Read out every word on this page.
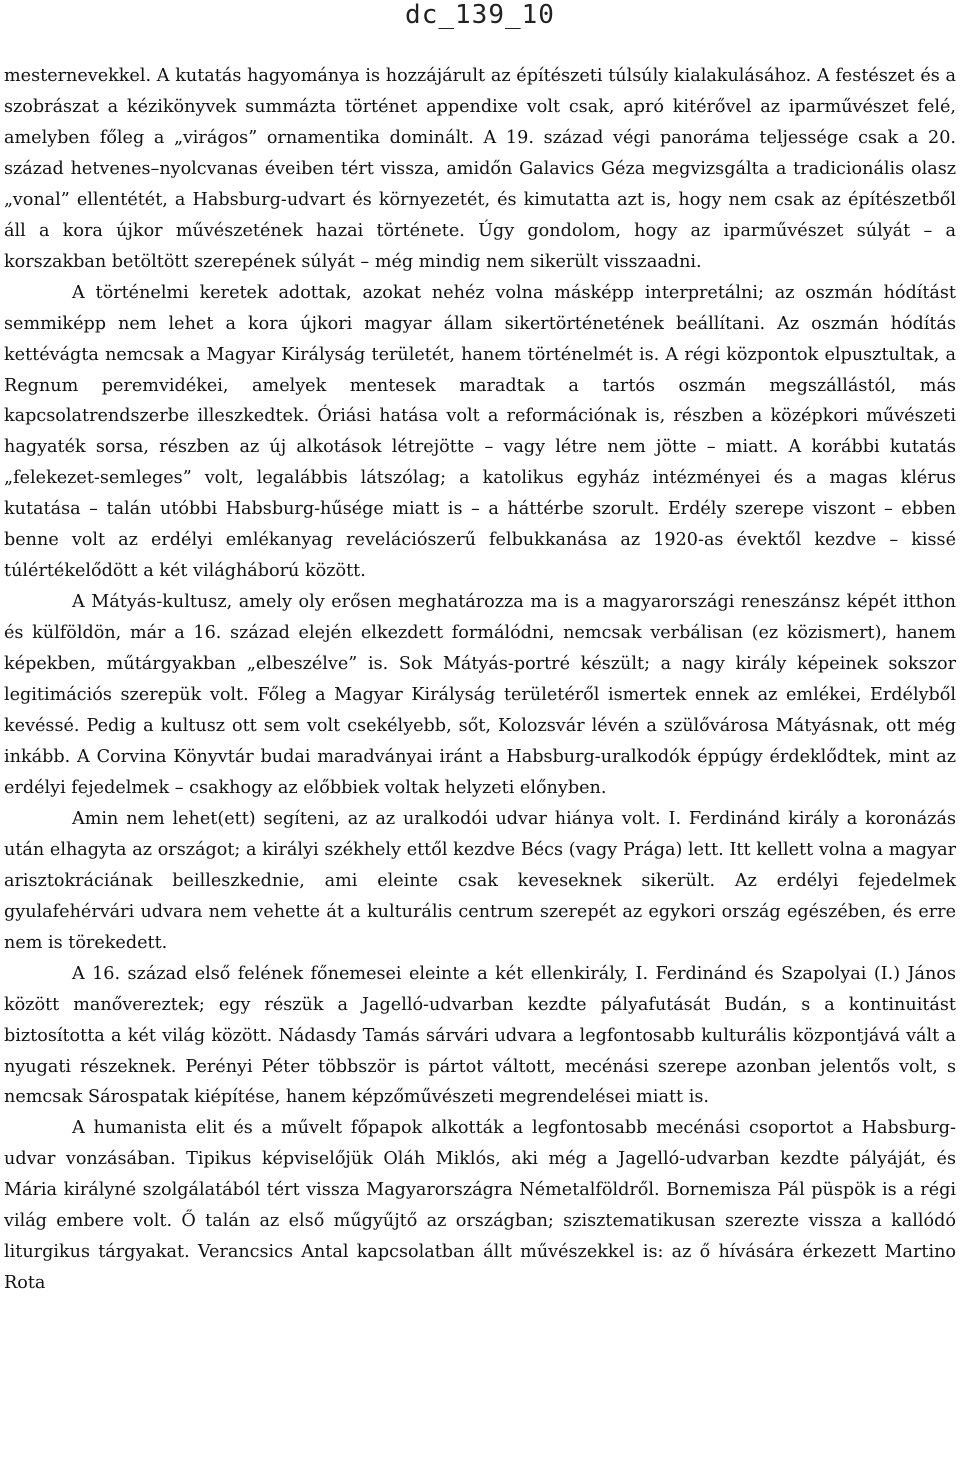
dc_139_10

mesternevekkel. A kutatás hagyománya is hozzájárult az építészeti túlsúly kialakulásához. A festészet és a szobrászat a kézikönyvek summázta történet appendixe volt csak, apró kitérővel az iparművészet felé, amelyben főleg a „virágos” ornamentika dominált. A 19. század végi panoráma teljessége csak a 20. század hetvenes–nyolcvanas éveiben tért vissza, amidőn Galavics Géza megvizsgálta a tradicionális olasz „vonal” ellentétét, a Habsburg-udvart és környezetét, és kimutatta azt is, hogy nem csak az építészetből áll a kora újkor művészetének hazai története. Úgy gondolom, hogy az iparművészet súlyát – a korszakban betöltött szerepének súlyát – még mindig nem sikerült visszaadni.

A történelmi keretek adottak, azokat nehéz volna másképp interpretálni; az oszmán hódítást semmiképp nem lehet a kora újkori magyar állam sikertörténetének beállítani. Az oszmán hódítás kettévágta nemcsak a Magyar Királyság területét, hanem történelmét is. A régi központok elpusztultak, a Regnum peremvidékei, amelyek mentesek maradtak a tartós oszmán megszállástól, más kapcsolatrendszerbe illeszkedtek. Óriási hatása volt a reformációnak is, részben a középkori művészeti hagyaték sorsa, részben az új alkotások létrejötte – vagy létre nem jötte – miatt. A korábbi kutatás „felekezet-semleges” volt, legalábbis látszólag; a katolikus egyház intézményei és a magas klérus kutatása – talán utóbbi Habsburg-hűsége miatt is – a háttérbe szorult. Erdély szerepe viszont – ebben benne volt az erdélyi emlékanyag revelációszerű felbukkanása az 1920-as évektől kezdve – kissé túlértékelődött a két világháború között.

A Mátyás-kultusz, amely oly erősen meghatározza ma is a magyarországi reneszánsz képét itthon és külföldön, már a 16. század elején elkezdett formálódni, nemcsak verbálisan (ez közismert), hanem képekben, műtárgyakban „elbeszélve” is. Sok Mátyás-portré készült; a nagy király képeinek sokszor legitimációs szerepük volt. Főleg a Magyar Királyság területéről ismertek ennek az emlékei, Erdélyből kevéssé. Pedig a kultusz ott sem volt csekélyebb, sőt, Kolozsvár lévén a szülővárosa Mátyásnak, ott még inkább. A Corvina Könyvtár budai maradványai iránt a Habsburg-uralkodók éppúgy érdeklődtek, mint az erdélyi fejedelmek – csakhogy az előbbiek voltak helyzeti előnyben.

Amin nem lehet(ett) segíteni, az az uralkodói udvar hiánya volt. I. Ferdinánd király a koronázás után elhagyta az országot; a királyi székhely ettől kezdve Bécs (vagy Prága) lett. Itt kellett volna a magyar arisztokráciának beilleszkednie, ami eleinte csak keveseknek sikerült. Az erdélyi fejedelmek gyulafehérvári udvara nem vehette át a kulturális centrum szerepét az egykori ország egészében, és erre nem is törekedett.

A 16. század első felének főnemesei eleinte a két ellenkirály, I. Ferdinánd és Szapolyai (I.) János között manővereztek; egy részük a Jagelló-udvarban kezdte pályafutását Budán, s a kontinuitást biztosította a két világ között. Nádasdy Tamás sárvári udvara a legfontosabb kulturális központjává vált a nyugati részeknek. Perényi Péter többször is pártot váltott, mecénási szerepe azonban jelentős volt, s nemcsak Sárospatak kiépítése, hanem képzőművészeti megrendelései miatt is.

A humanista elit és a művelt főpapok alkották a legfontosabb mecénási csoportot a Habsburg-udvar vonzásában. Tipikus képviselőjük Oláh Miklós, aki még a Jagelló-udvarban kezdte pályáját, és Mária királyné szolgálatából tért vissza Magyarországra Németalföldről. Bornemisza Pál püspök is a régi világ embere volt. Ő talán az első műgyűjtő az országban; szisztematikusan szerezte vissza a kallódó liturgikus tárgyakat. Verancsics Antal kapcsolatban állt művészekkel is: az ő hívására érkezett Martino Rota
